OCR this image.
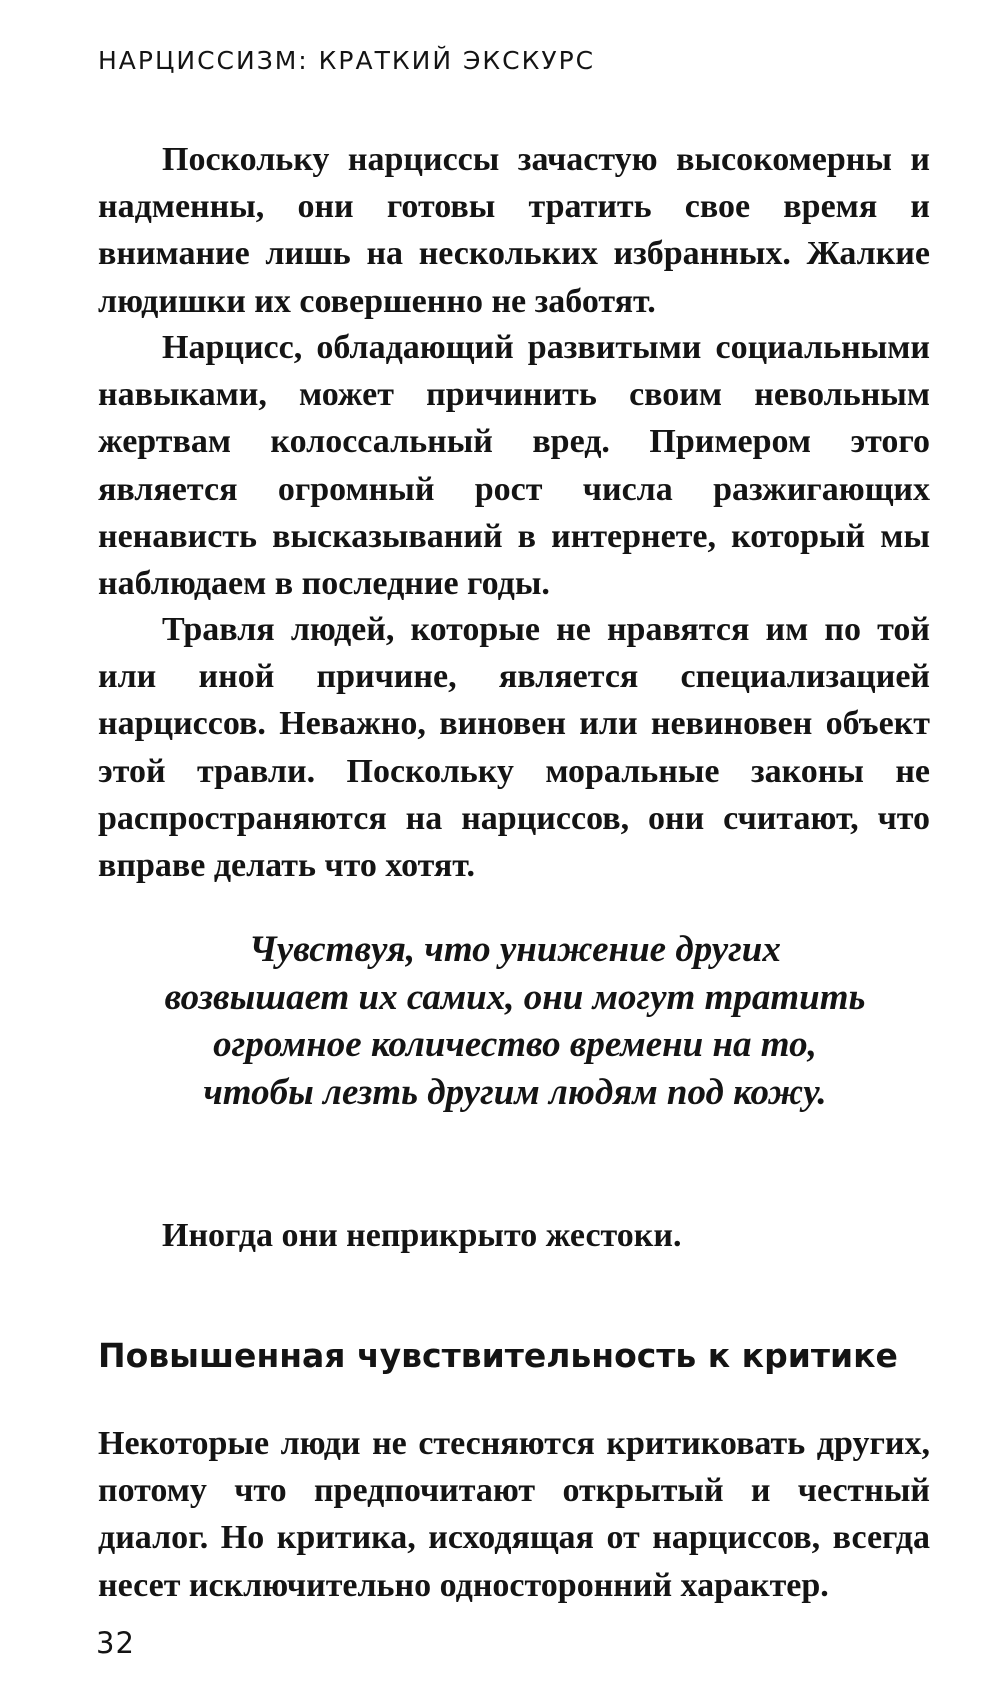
НАРЦИССИЗМ: КРАТКИЙ ЭКСКУРС

Поскольку нарциссы зачастую высокомерны и надменны, они готовы тратить свое время и внимание лишь на нескольких избранных. Жалкие людишки их совершенно не заботят.

Нарцисс, обладающий развитыми социальными навыками, может причинить своим невольным жертвам колоссальный вред. Примером этого является огромный рост числа разжигающих ненависть высказываний в интернете, который мы наблюдаем в последние годы.

Травля людей, которые не нравятся им по той или иной причине, является специализацией нарциссов. Неважно, виновен или невиновен объект этой травли. Поскольку моральные законы не распространяются на нарциссов, они считают, что вправе делать что хотят.

Чувствуя, что унижение других возвышает их самих, они могут тратить огромное количество времени на то, чтобы лезть другим людям под кожу.

Иногда они неприкрыто жестоки.

Повышенная чувствительность к критике

Некоторые люди не стесняются критиковать других, потому что предпочитают открытый и честный диалог. Но критика, исходящая от нарциссов, всегда несет исключительно односторонний характер.

32
